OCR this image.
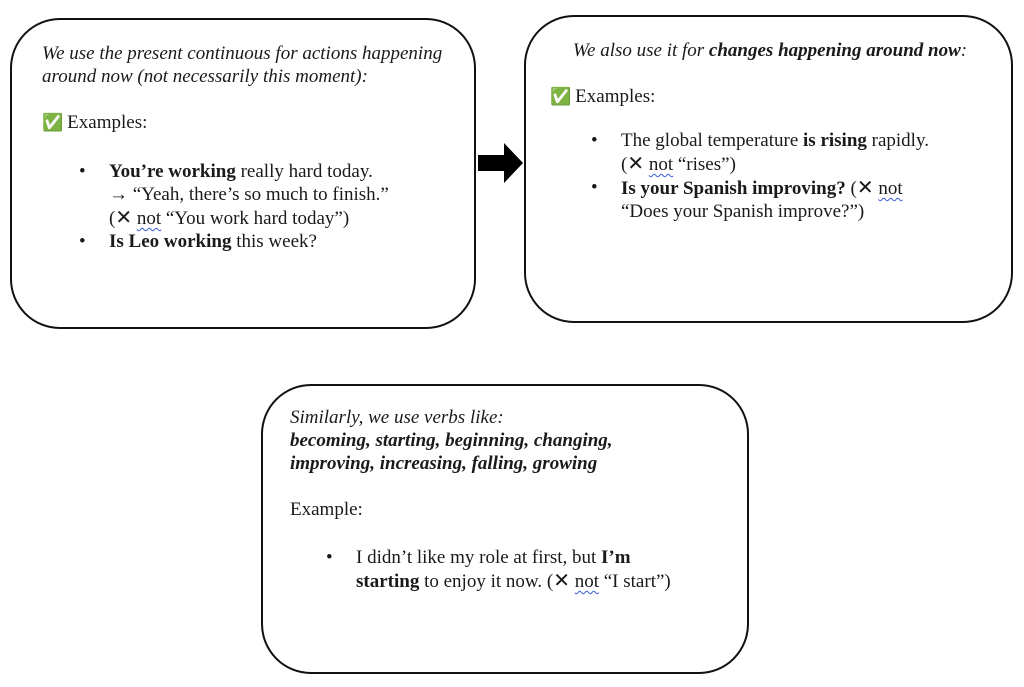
We use the present continuous for actions happening around now (not necessarily this moment):

✅ Examples:

• You’re working really hard today.
→ “Yeah, there’s so much to finish.”
(✕ not “You work hard today”)
• Is Leo working this week?

We also use it for changes happening around now:

✅ Examples:

• The global temperature is rising rapidly.
(✕ not “rises”)
• Is your Spanish improving? (✕ not
“Does your Spanish improve?”)

Similarly, we use verbs like:

becoming, starting, beginning, changing,
improving, increasing, falling, growing

Example:

• I didn’t like my role at first, but I’m
starting to enjoy it now. (✕ not “I start”)
